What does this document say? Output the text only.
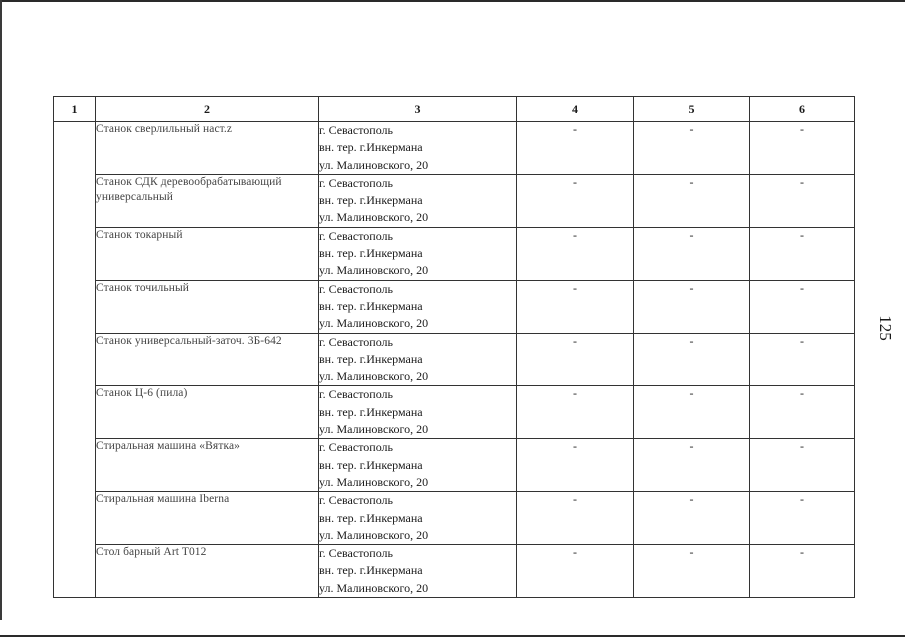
125
1	2	3	4	5	6
	Станок сверлильный наст.z	г. Севастополь
вн. тер. г.Инкермана
ул. Малиновского, 20	-	-	-
	Станок СДК деревообрабатывающий универсальный	г. Севастополь
вн. тер. г.Инкермана
ул. Малиновского, 20	-	-	-
	Станок токарный	г. Севастополь
вн. тер. г.Инкермана
ул. Малиновского, 20	-	-	-
	Станок точильный	г. Севастополь
вн. тер. г.Инкермана
ул. Малиновского, 20	-	-	-
	Станок универсальный-заточ. 3Б-642	г. Севастополь
вн. тер. г.Инкермана
ул. Малиновского, 20	-	-	-
	Станок Ц-6 (пила)	г. Севастополь
вн. тер. г.Инкермана
ул. Малиновского, 20	-	-	-
	Стиральная машина «Вятка»	г. Севастополь
вн. тер. г.Инкермана
ул. Малиновского, 20	-	-	-
	Стиральная машина Iberna	г. Севастополь
вн. тер. г.Инкермана
ул. Малиновского, 20	-	-	-
	Стол барный Art T012	г. Севастополь
вн. тер. г.Инкермана
ул. Малиновского, 20	-	-	-
